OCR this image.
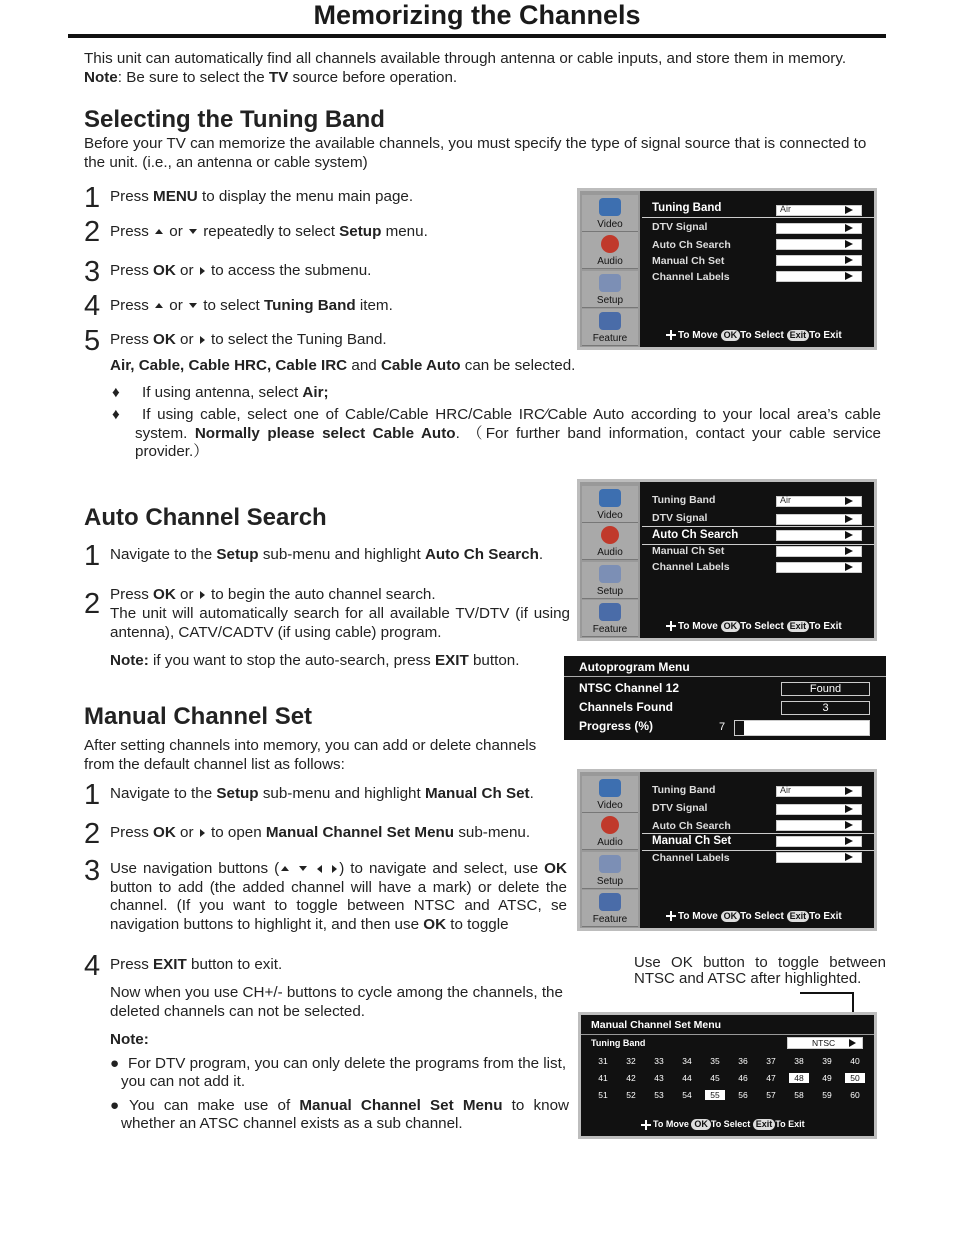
Memorizing the Channels
This unit can automatically find all channels available through antenna or cable inputs, and store them in memory.
Note: Be sure to select the TV source before operation.
Selecting the Tuning Band
Before your TV can memorize the available channels, you must specify the type of signal source that is connected to the unit. (i.e., an antenna or cable system)
1 Press MENU to display the menu main page.
2 Press  or  repeatedly to select Setup menu.
3 Press OK or  to access the submenu.
4 Press  or  to select Tuning Band item.
5 Press OK or  to select the Tuning Band.
Air, Cable, Cable HRC, Cable IRC and Cable Auto can be selected.
♦ If using antenna, select Air;
♦	If using cable, select one of Cable/Cable HRC/Cable IRC∕Cable Auto according to your local area’s cable system. Normally please select Cable Auto. （For further band information, contact your cable service provider.）
Video
Audio
Setup
Feature
Tuning Band
DTV Signal
Auto Ch Search
Manual Ch Set
Channel Labels
Air
To Move OK To Select Exit To Exit
Auto Channel Search
1 Navigate to the Setup sub-menu and highlight Auto Ch Search.
2 Press OK or  to begin the auto channel search.
The unit will automatically search for all available TV/DTV (if using antenna), CATV/CADTV (if using cable) program.
Note: if you want to stop the auto-search, press EXIT button.
Video
Audio
Setup
Feature
Tuning Band
DTV Signal
Auto Ch Search
Manual Ch Set
Channel Labels
Air
To Move OK To Select Exit To Exit
Autoprogram Menu
NTSC Channel 12	Found
Channels Found	3
Progress (%)	7
Manual Channel Set
After setting channels into memory, you can add or delete channels from the default channel list as follows:
1 Navigate to the Setup sub-menu and highlight Manual Ch Set.
2 Press OK or  to open Manual Channel Set Menu sub-menu.
3 Use navigation buttons (	) to navigate and select, use OK button to add (the added channel will have a mark) or delete the channel. (If you want to toggle between NTSC and ATSC, se navigation buttons to highlight it, and then use OK to toggle
4 Press EXIT button to exit.
Now when you use CH+/- buttons to cycle among the channels, the deleted channels can not be selected.
Note:
● For DTV program, you can only delete the programs from the list, you can not add it.
● You can make use of Manual Channel Set Menu to know whether an ATSC channel exists as a sub channel.
Video
Audio
Setup
Feature
Tuning Band
DTV Signal
Auto Ch Search
Manual Ch Set
Channel Labels
Air
To Move OK To Select Exit To Exit
Use OK button to toggle between NTSC and ATSC after highlighted.
Manual Channel Set Menu
Tuning Band	NTSC
31	32	33	34	35	36	37	38	39	40
41	42	43	44	45	46	47	48	49	50
51	52	53	54	55	56	57	58	59	60
To Move OK To Select Exit To Exit
